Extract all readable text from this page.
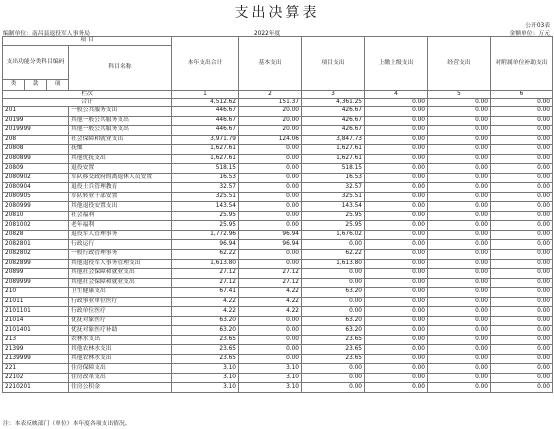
支出决算表
公开03表
编制单位：南昌县退役军人事务局	2022年度	金额单位：万元
项 目				本年支出合计	基本支出	项目支出	上缴上级支出	经营支出	对附属单位补助支出
支出功能分类科目编码			科目名称						
类	款	项							
栏次				1	2	3	4	5	6
合计				4,512.62	151.37	4,361.25	0.00	0.00	0.00
201			一般公共服务支出	446.67	20.00	426.67	0.00	0.00	0.00
20199			其他一般公共服务支出	446.67	20.00	426.67	0.00	0.00	0.00
2019999			其他一般公共服务支出	446.67	20.00	426.67	0.00	0.00	0.00
208			社会保障和就业支出	3,971.79	124.06	3,847.73	0.00	0.00	0.00
20808			抚恤	1,627.61	0.00	1,627.61	0.00	0.00	0.00
2080899			其他优抚支出	1,627.61	0.00	1,627.61	0.00	0.00	0.00
20809			退役安置	518.15	0.00	518.15	0.00	0.00	0.00
2080902			军队移交政府的离退休人员安置	16.53	0.00	16.53	0.00	0.00	0.00
2080904			退役士兵管理教育	32.57	0.00	32.57	0.00	0.00	0.00
2080905			军队转业干部安置	325.51	0.00	325.51	0.00	0.00	0.00
2080999			其他退役安置支出	143.54	0.00	143.54	0.00	0.00	0.00
20810			社会福利	25.95	0.00	25.95	0.00	0.00	0.00
2081002			老年福利	25.95	0.00	25.95	0.00	0.00	0.00
20828			退役军人管理事务	1,772.96	96.94	1,676.02	0.00	0.00	0.00
2082801			行政运行	96.94	96.94	0.00	0.00	0.00	0.00
2082802			一般行政管理事务	62.22	0.00	62.22	0.00	0.00	0.00
2082899			其他退役军人事务管理支出	1,613.80	0.00	1,613.80	0.00	0.00	0.00
20899			其他社会保障和就业支出	27.12	27.12	0.00	0.00	0.00	0.00
2089999			其他社会保障和就业支出	27.12	27.12	0.00	0.00	0.00	0.00
210			卫生健康支出	67.41	4.22	63.20	0.00	0.00	0.00
21011			行政事业单位医疗	4.22	4.22	0.00	0.00	0.00	0.00
2101101			行政单位医疗	4.22	4.22	0.00	0.00	0.00	0.00
21014			优抚对象医疗	63.20	0.00	63.20	0.00	0.00	0.00
2101401			优抚对象医疗补助	63.20	0.00	63.20	0.00	0.00	0.00
213			农林水支出	23.65	0.00	23.65	0.00	0.00	0.00
21399			其他农林水支出	23.65	0.00	23.65	0.00	0.00	0.00
2139999			其他农林水支出	23.65	0.00	23.65	0.00	0.00	0.00
221			住房保障支出	3.10	3.10	0.00	0.00	0.00	0.00
22102			住房改革支出	3.10	3.10	0.00	0.00	0.00	0.00
2210201			住房公积金	3.10	3.10	0.00	0.00	0.00	0.00
注：本表反映部门（单位）本年度各项支出情况。
